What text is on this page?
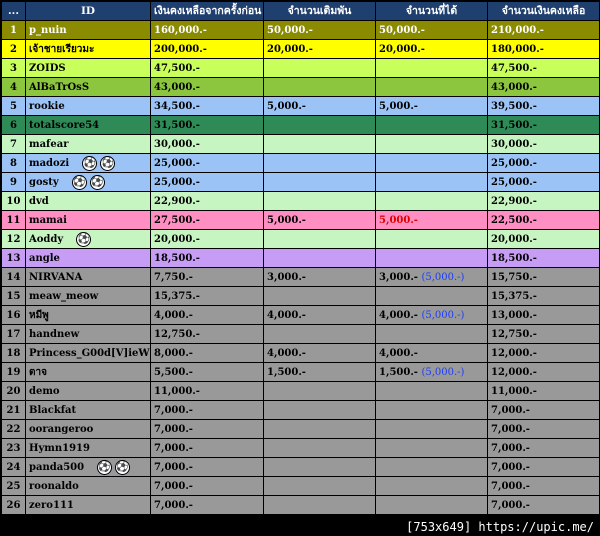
...	ID	เงินคงเหลือจากครั้งก่อน	จำนวนเติมพัน	จำนวนที่ได้	จำนวนเงินคงเหลือ
1	p_nuin	160,000.-	50,000.-	50,000.-	210,000.-
2	เจ้าชายเรียวมะ	200,000.-	20,000.-	20,000.-	180,000.-
3	ZOIDS	47,500.-			47,500.-
4	AlBaTrOsS	43,000.-			43,000.-
5	rookie	34,500.-	5,000.-	5,000.-	39,500.-
6	totalscore54	31,500.-			31,500.-
7	mafear	30,000.-			30,000.-
8	madozi ⚽ ⚽	25,000.-			25,000.-
9	gosty ⚽ ⚽	25,000.-			25,000.-
10	dvd	22,900.-			22,900.-
11	mamai	27,500.-	5,000.-	5,000.-	22,500.-
12	Aoddy ⚽	20,000.-			20,000.-
13	angle	18,500.-			18,500.-
14	NIRVANA	7,750.-	3,000.-	3,000.- (5,000.-)	15,750.-
15	meaw_meow	15,375.-			15,375.-
16	หมีพู	4,000.-	4,000.-	4,000.- (5,000.-)	13,000.-
17	handnew	12,750.-			12,750.-
18	Princess_G00d[V]ieW	8,000.-	4,000.-	4,000.-	12,000.-
19	ตาจ	5,500.-	1,500.-	1,500.- (5,000.-)	12,000.-
20	demo	11,000.-			11,000.-
21	Blackfat	7,000.-			7,000.-
22	oorangeroo	7,000.-			7,000.-
23	Hymn1919	7,000.-			7,000.-
24	panda500 ⚽ ⚽	7,000.-			7,000.-
25	roonaldo	7,000.-			7,000.-
26	zero111	7,000.-			7,000.-
[753x649] https://upic.me/
